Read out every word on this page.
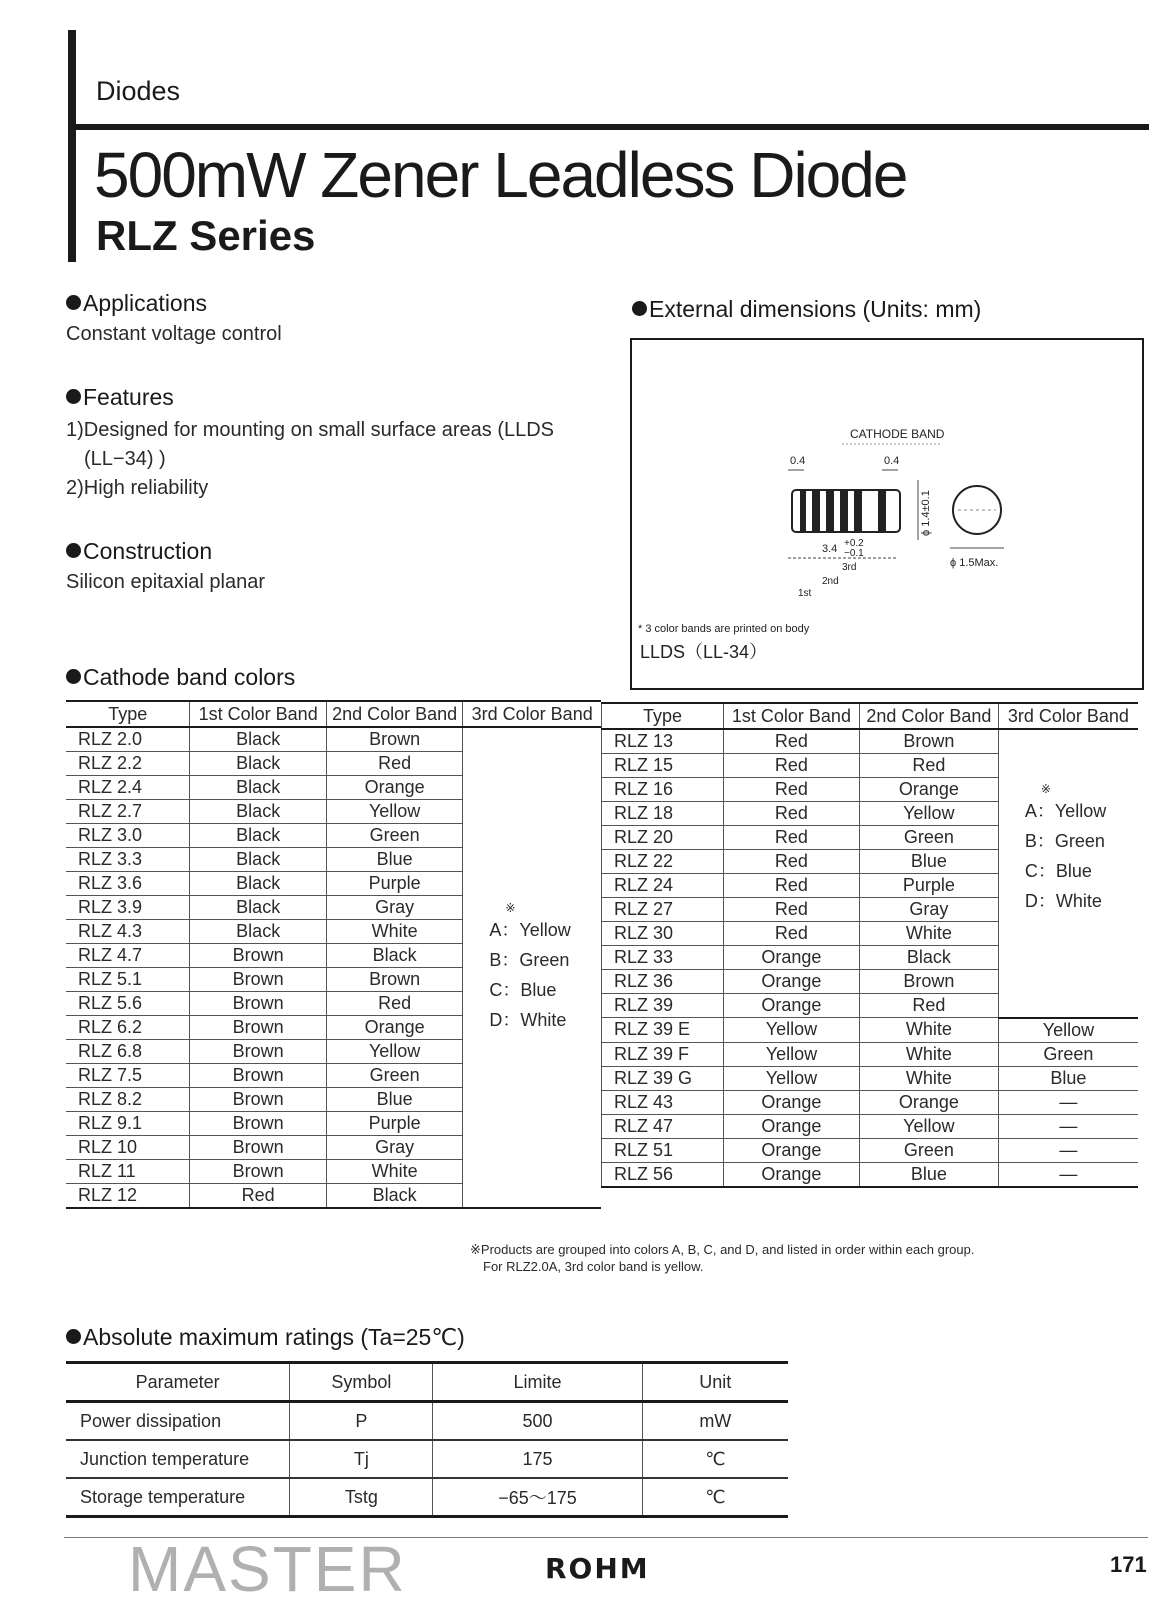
Diodes
500mW Zener Leadless Diode
RLZ Series
Applications
Constant voltage control
Features
1)Designed for mounting on small surface areas (LLDS
(LL−34) )
2)High reliability
Construction
Silicon epitaxial planar
External dimensions (Units: mm)
CATHODE BAND
0.4	0.4
ϕ 1.4±0.1
ϕ 1.5Max.
3.4 +0.2
−0.1
3rd
2nd
1st
* 3 color bands are printed on body
LLDS（LL-34）
Cathode band colors
Type	1st Color Band	2nd Color Band	3rd Color Band
RLZ 2.0	Black	Brown	※
A：Yellow
B：Green
C：Blue
D：White

RLZ 2.2	Black	Red	
RLZ 2.4	Black	Orange	
RLZ 2.7	Black	Yellow	
RLZ 3.0	Black	Green	
RLZ 3.3	Black	Blue	
RLZ 3.6	Black	Purple	
RLZ 3.9	Black	Gray	
RLZ 4.3	Black	White	
RLZ 4.7	Brown	Black	
RLZ 5.1	Brown	Brown	
RLZ 5.6	Brown	Red	
RLZ 6.2	Brown	Orange	
RLZ 6.8	Brown	Yellow	
RLZ 7.5	Brown	Green	
RLZ 8.2	Brown	Blue	
RLZ 9.1	Brown	Purple	
RLZ 10	Brown	Gray	
RLZ 11	Brown	White	
RLZ 12	Red	Black	
Type	1st Color Band	2nd Color Band	3rd Color Band
RLZ 13	Red	Brown	※
A：Yellow
B：Green
C：Blue
D：White

RLZ 15	Red	Red	
RLZ 16	Red	Orange	
RLZ 18	Red	Yellow	
RLZ 20	Red	Green	
RLZ 22	Red	Blue	
RLZ 24	Red	Purple	
RLZ 27	Red	Gray	
RLZ 30	Red	White	
RLZ 33	Orange	Black	
RLZ 36	Orange	Brown	
RLZ 39	Orange	Red	
RLZ 39 E	Yellow	White	Yellow
RLZ 39 F	Yellow	White	Green
RLZ 39 G	Yellow	White	Blue
RLZ 43	Orange	Orange	—
RLZ 47	Orange	Yellow	—
RLZ 51	Orange	Green	—
RLZ 56	Orange	Blue	—
※Products are grouped into colors A, B, C, and D, and listed in order within each group.
For RLZ2.0A, 3rd color band is yellow.
Absolute maximum ratings (Ta=25℃)
Parameter	Symbol	Limite	Unit
Power dissipation	P	500	mW
Junction temperature	Tj	175	℃
Storage temperature	Tstg	−65～175	℃
MASTER	ROHM	171
